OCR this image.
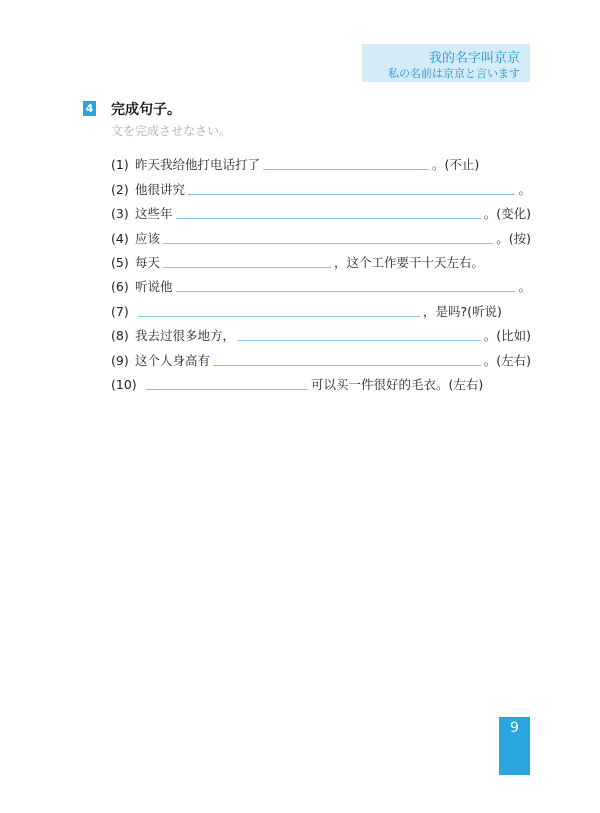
我的名字叫京京
私の名前は京京と言います
4 完成句子。
文を完成させなさい。
(1) 昨天我给他打电话打了	。(不止)
(2) 他很讲究	。
(3) 这些年	。(变化)
(4) 应该	。(按)
(5) 每天	，这个工作要干十天左右。
(6) 听说他	。
(7)	，是吗?(听说)
(8) 我去过很多地方，	。(比如)
(9) 这个人身高有	。(左右)
(10)	可以买一件很好的毛衣。(左右)
9
